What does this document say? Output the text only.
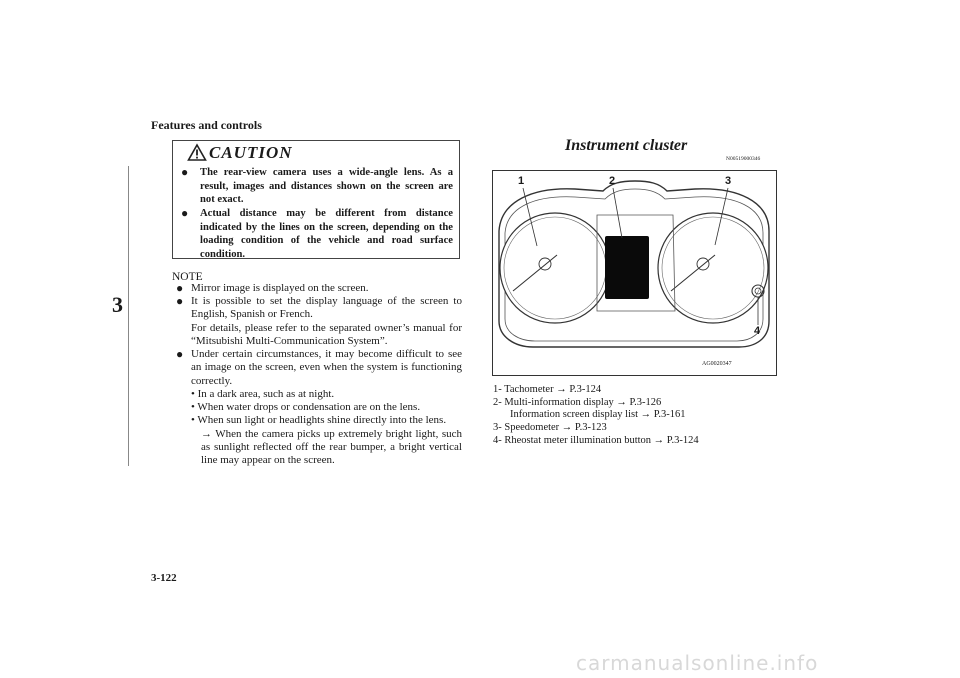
Features and controls
3
CAUTION
●	The rear-view camera uses a wide-angle lens. As a result, images and distances shown on the screen are not exact.
●	Actual distance may be different from distance indicated by the lines on the screen, depending on the loading condition of the vehicle and road surface condition.
NOTE
● Mirror image is displayed on the screen.

● It is possible to set the display language of the screen to English, Spanish or French.

For details, please refer to the separated owner’s manual for “Mitsubishi Multi-Communication System”.

● Under certain circumstances, it may become difficult to see an image on the screen, even when the system is functioning correctly.

• In a dark area, such as at night.

• When water drops or condensation are on the lens.

• When sun light or headlights shine directly into the lens.

→ When the camera picks up extremely bright light, such as sunlight reflected off the rear bumper, a bright vertical line may appear on the screen.

Instrument cluster
N00519000346
1	2	3
4
AG0020347
1- Tachometer → P.3-124
2- Multi-information display → P.3-126
Information screen display list → P.3-161
3- Speedometer → P.3-123
4- Rheostat meter illumination button → P.3-124
3-122
carmanualsonline.info
